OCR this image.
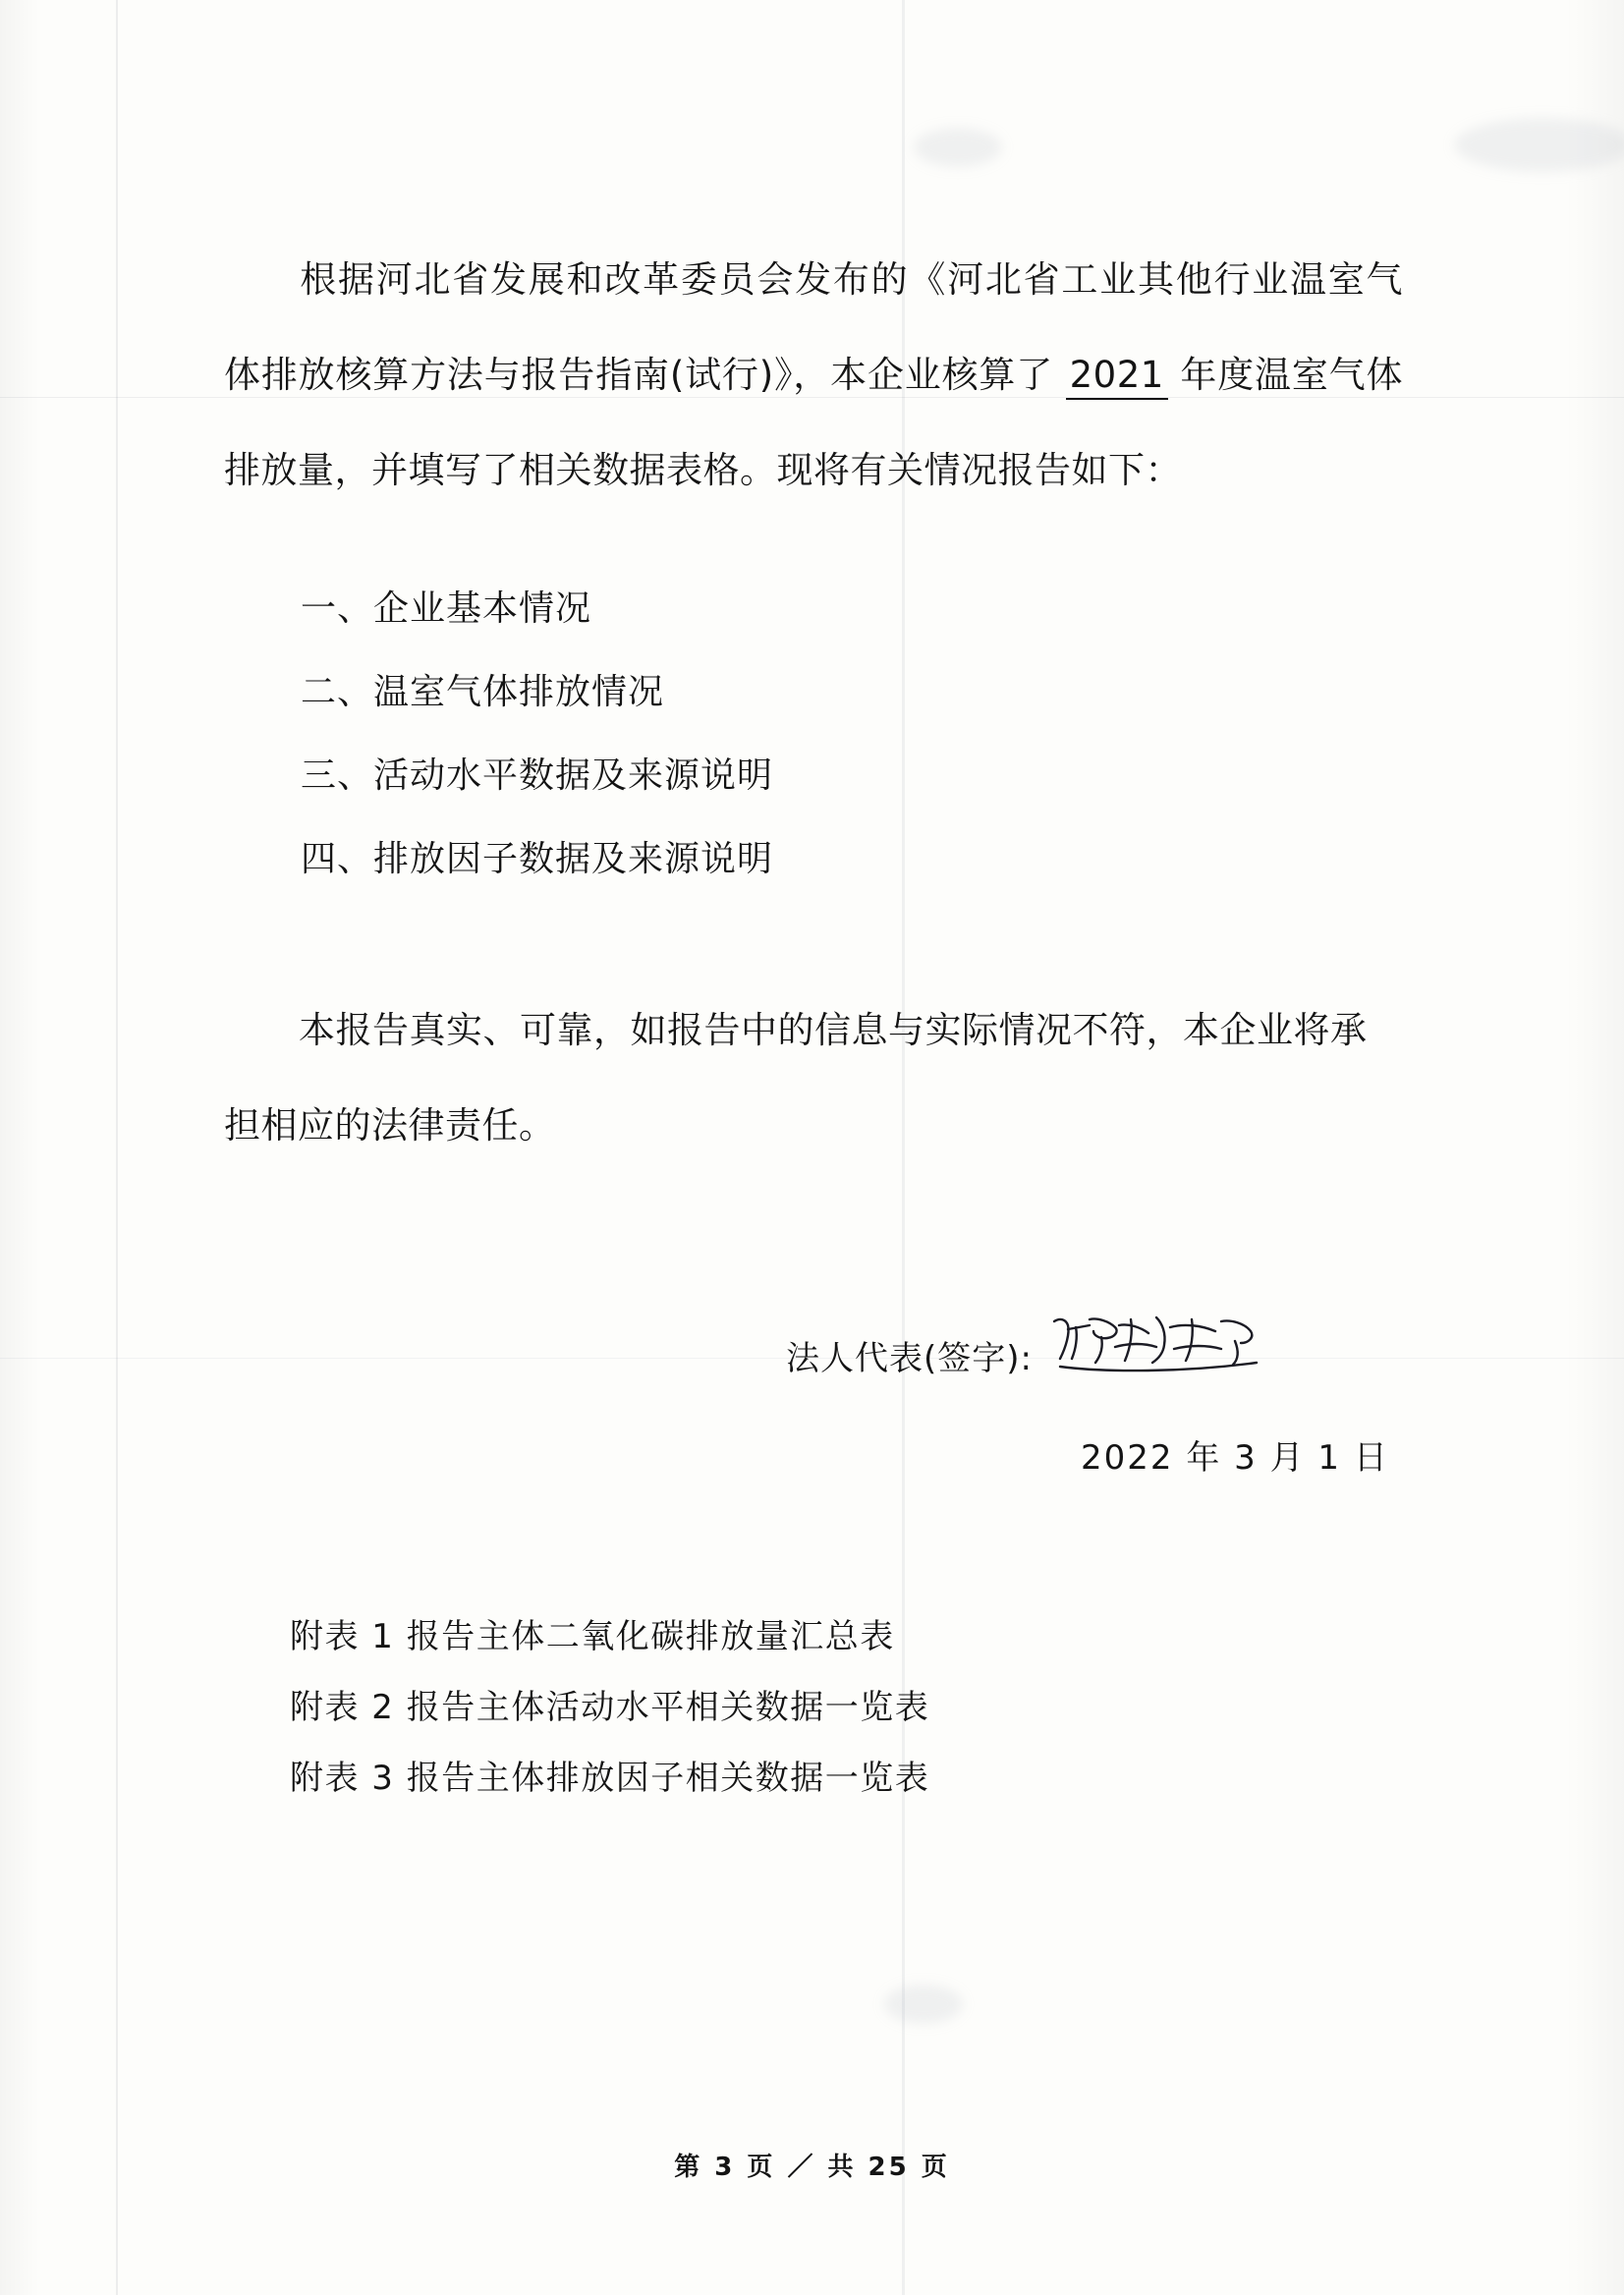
根据河北省发展和改革委员会发布的《河北省工业其他行业温室气体排放核算方法与报告指南(试行)》，本企业核算了 2021 年度温室气体排放量，并填写了相关数据表格。现将有关情况报告如下：
一、企业基本情况
二、温室气体排放情况
三、活动水平数据及来源说明
四、排放因子数据及来源说明
本报告真实、可靠，如报告中的信息与实际情况不符，本企业将承担相应的法律责任。
法人代表(签字):
2022 年 3 月 1 日
附表 1 报告主体二氧化碳排放量汇总表
附表 2 报告主体活动水平相关数据一览表
附表 3 报告主体排放因子相关数据一览表
第 3 页 ／ 共 25 页
